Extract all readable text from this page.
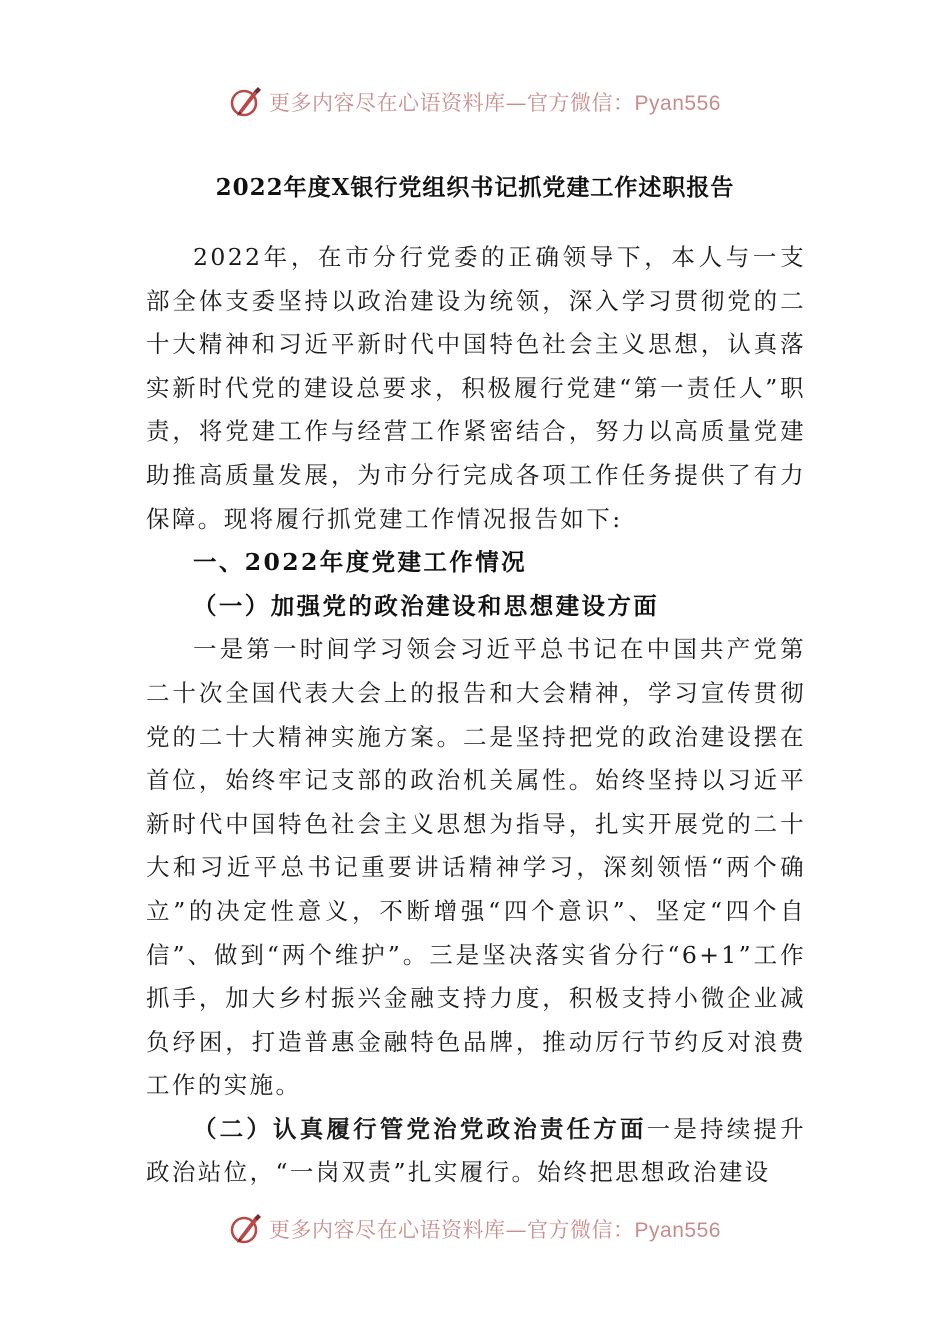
更多内容尽在心语资料库—官方微信：Pyan556
2022年度X银行党组织书记抓党建工作述职报告

2022年，在市分行党委的正确领导下，本人与一支部全体支委坚持以政治建设为统领，深入学习贯彻党的二十大精神和习近平新时代中国特色社会主义思想，认真落实新时代党的建设总要求，积极履行党建“第一责任人”职责，将党建工作与经营工作紧密结合，努力以高质量党建助推高质量发展，为市分行完成各项工作任务提供了有力保障。现将履行抓党建工作情况报告如下:

一、2022年度党建工作情况

（一）加强党的政治建设和思想建设方面

一是第一时间学习领会习近平总书记在中国共产党第二十次全国代表大会上的报告和大会精神，学习宣传贯彻党的二十大精神实施方案。二是坚持把党的政治建设摆在首位，始终牢记支部的政治机关属性。始终坚持以习近平新时代中国特色社会主义思想为指导，扎实开展党的二十大和习近平总书记重要讲话精神学习，深刻领悟“两个确立”的决定性意义，不断增强“四个意识”、坚定“四个自信”、做到“两个维护”。三是坚决落实省分行“6+1”工作抓手，加大乡村振兴金融支持力度，积极支持小微企业减负纾困，打造普惠金融特色品牌，推动厉行节约反对浪费工作的实施。

（二）认真履行管党治党政治责任方面一是持续提升政治站位，“一岗双责”扎实履行。始终把思想政治建设

更多内容尽在心语资料库—官方微信：Pyan556
